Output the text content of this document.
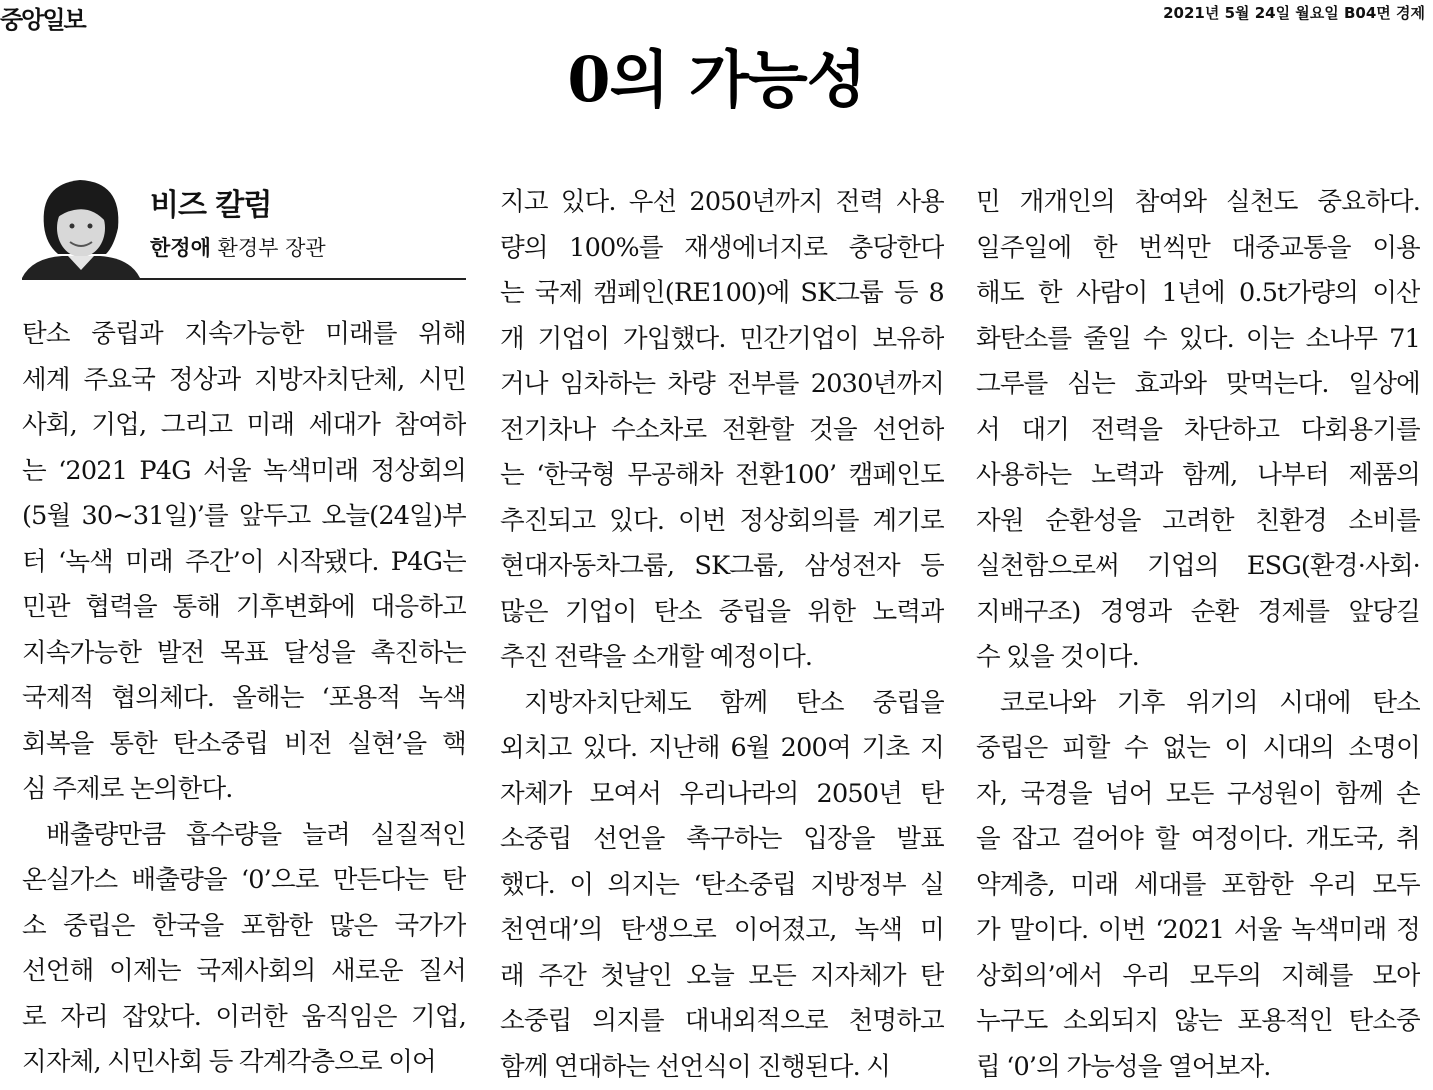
중앙일보	2021년 5월 24일 월요일 B04면 경제
0의 가능성
비즈 칼럼
한정애 환경부 장관
탄소 중립과 지속가능한 미래를 위해
세계 주요국 정상과 지방자치단체, 시민
사회, 기업, 그리고 미래 세대가 참여하
는 ‘2021 P4G 서울 녹색미래 정상회의
(5월 30~31일)’를 앞두고 오늘(24일)부
터 ‘녹색 미래 주간’이 시작됐다. P4G는
민관 협력을 통해 기후변화에 대응하고
지속가능한 발전 목표 달성을 촉진하는
국제적 협의체다. 올해는 ‘포용적 녹색
회복을 통한 탄소중립 비전 실현’을 핵
심 주제로 논의한다.
배출량만큼 흡수량을 늘려 실질적인
온실가스 배출량을 ‘0’으로 만든다는 탄
소 중립은 한국을 포함한 많은 국가가
선언해 이제는 국제사회의 새로운 질서
로 자리 잡았다. 이러한 움직임은 기업,
지자체, 시민사회 등 각계각층으로 이어
지고 있다. 우선 2050년까지 전력 사용
량의 100%를 재생에너지로 충당한다
는 국제 캠페인(RE100)에 SK그룹 등 8
개 기업이 가입했다. 민간기업이 보유하
거나 임차하는 차량 전부를 2030년까지
전기차나 수소차로 전환할 것을 선언하
는 ‘한국형 무공해차 전환100’ 캠페인도
추진되고 있다. 이번 정상회의를 계기로
현대자동차그룹, SK그룹, 삼성전자 등
많은 기업이 탄소 중립을 위한 노력과
추진 전략을 소개할 예정이다.
지방자치단체도 함께 탄소 중립을
외치고 있다. 지난해 6월 200여 기초 지
자체가 모여서 우리나라의 2050년 탄
소중립 선언을 촉구하는 입장을 발표
했다. 이 의지는 ‘탄소중립 지방정부 실
천연대’의 탄생으로 이어졌고, 녹색 미
래 주간 첫날인 오늘 모든 지자체가 탄
소중립 의지를 대내외적으로 천명하고
함께 연대하는 선언식이 진행된다. 시
민 개개인의 참여와 실천도 중요하다.
일주일에 한 번씩만 대중교통을 이용
해도 한 사람이 1년에 0.5t가량의 이산
화탄소를 줄일 수 있다. 이는 소나무 71
그루를 심는 효과와 맞먹는다. 일상에
서 대기 전력을 차단하고 다회용기를
사용하는 노력과 함께, 나부터 제품의
자원 순환성을 고려한 친환경 소비를
실천함으로써 기업의 ESG(환경·사회·
지배구조) 경영과 순환 경제를 앞당길
수 있을 것이다.
코로나와 기후 위기의 시대에 탄소
중립은 피할 수 없는 이 시대의 소명이
자, 국경을 넘어 모든 구성원이 함께 손
을 잡고 걸어야 할 여정이다. 개도국, 취
약계층, 미래 세대를 포함한 우리 모두
가 말이다. 이번 ‘2021 서울 녹색미래 정
상회의’에서 우리 모두의 지혜를 모아
누구도 소외되지 않는 포용적인 탄소중
립 ‘0’의 가능성을 열어보자.
